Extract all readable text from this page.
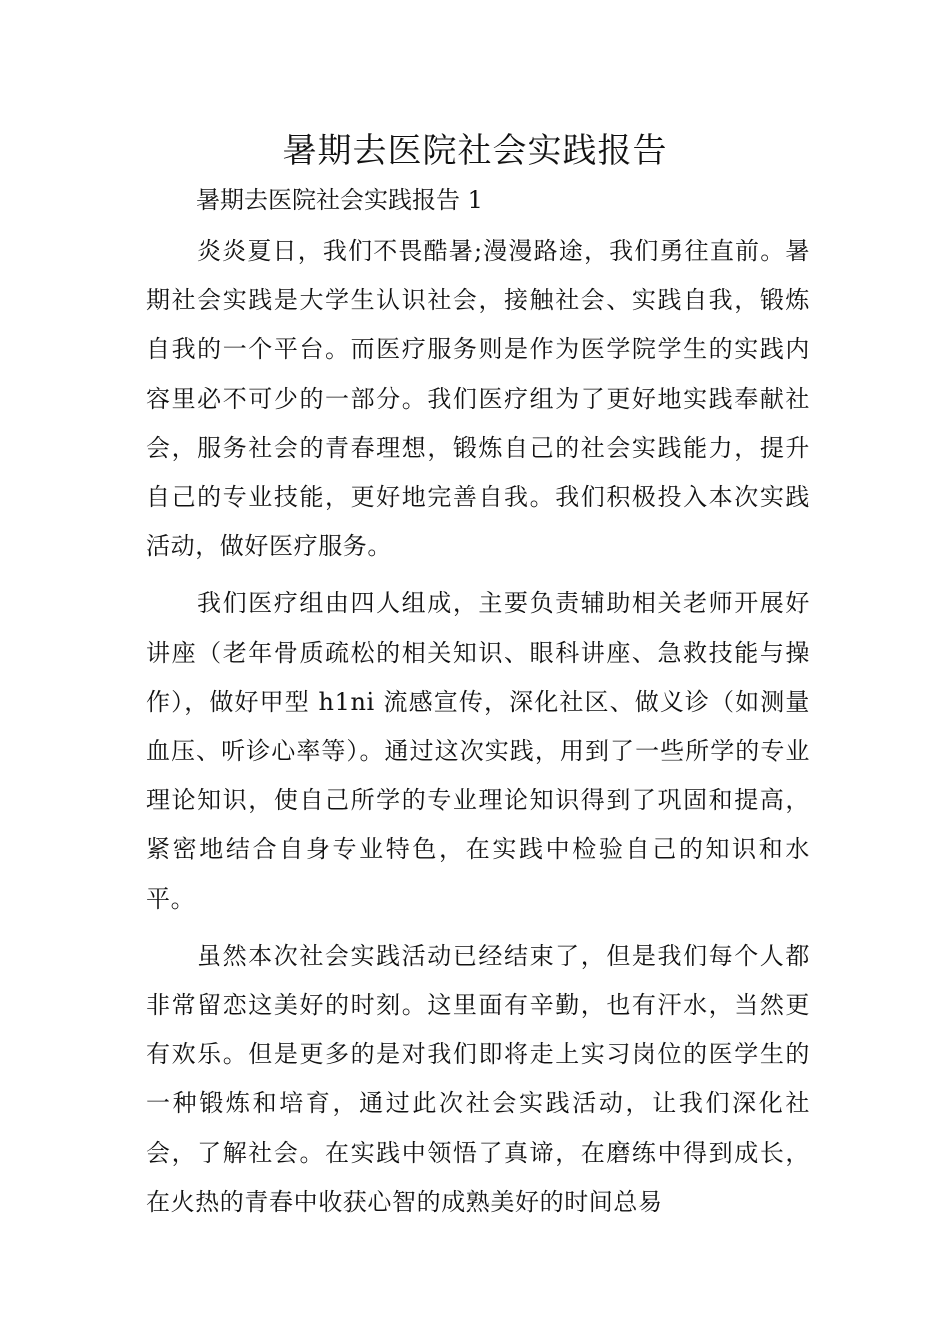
暑期去医院社会实践报告
暑期去医院社会实践报告 1

炎炎夏日，我们不畏酷暑;漫漫路途，我们勇往直前。暑期社会实践是大学生认识社会，接触社会、实践自我，锻炼自我的一个平台。而医疗服务则是作为医学院学生的实践内容里必不可少的一部分。我们医疗组为了更好地实践奉献社会，服务社会的青春理想，锻炼自己的社会实践能力，提升自己的专业技能，更好地完善自我。我们积极投入本次实践活动，做好医疗服务。

我们医疗组由四人组成，主要负责辅助相关老师开展好讲座（老年骨质疏松的相关知识、眼科讲座、急救技能与操作），做好甲型 h1ni 流感宣传，深化社区、做义诊（如测量血压、听诊心率等）。通过这次实践，用到了一些所学的专业理论知识，使自己所学的专业理论知识得到了巩固和提高，紧密地结合自身专业特色，在实践中检验自己的知识和水平。

虽然本次社会实践活动已经结束了，但是我们每个人都非常留恋这美好的时刻。这里面有辛勤，也有汗水，当然更有欢乐。但是更多的是对我们即将走上实习岗位的医学生的一种锻炼和培育，通过此次社会实践活动，让我们深化社会，了解社会。在实践中领悟了真谛，在磨练中得到成长，在火热的青春中收获心智的成熟美好的时间总易
